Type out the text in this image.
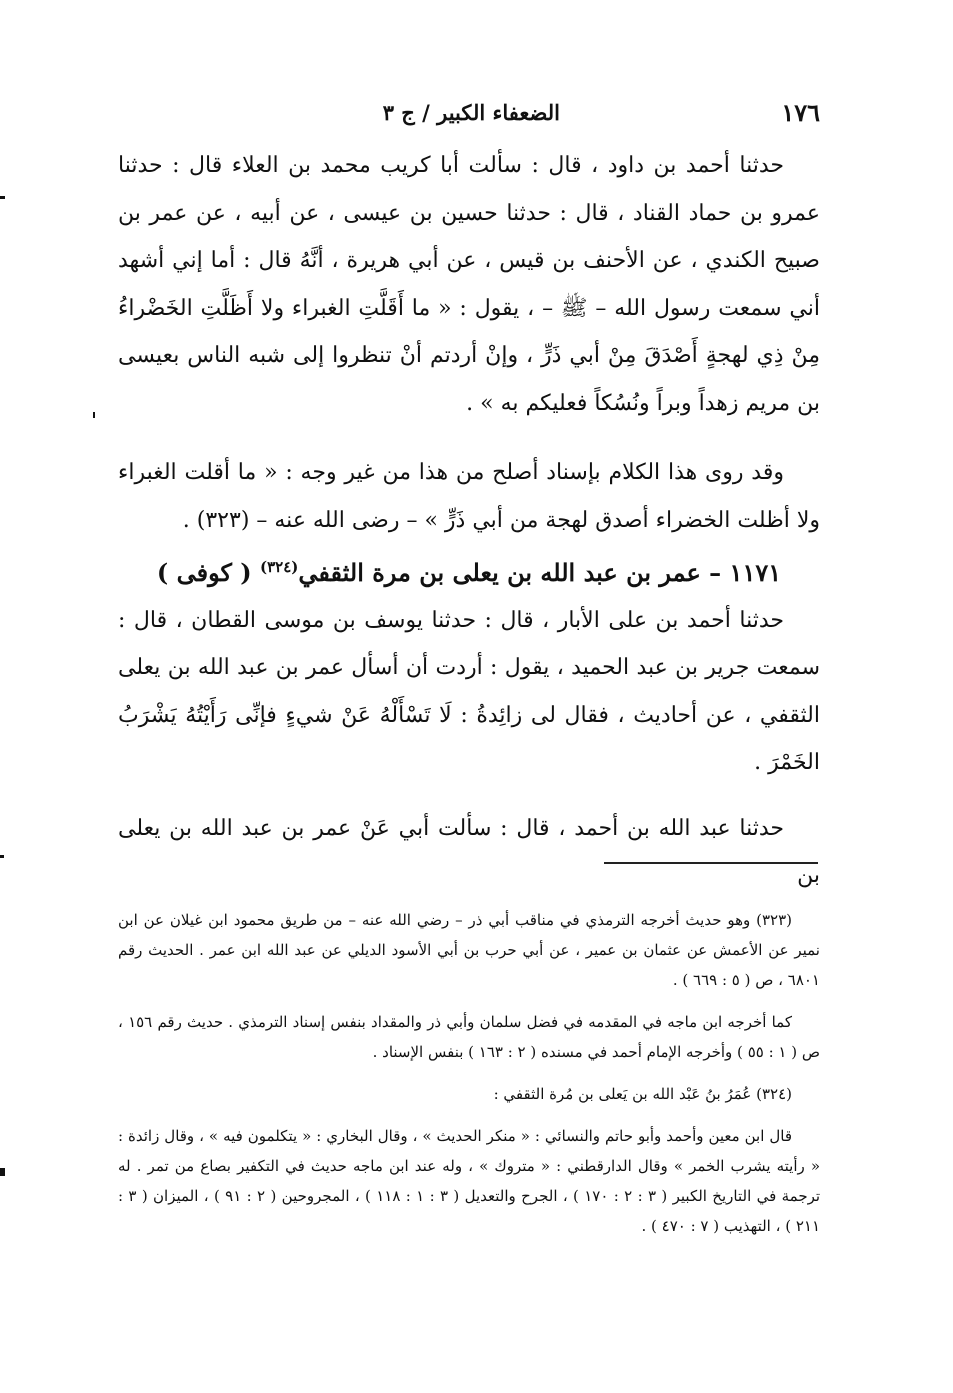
١٧٦
الضعفاء الكبير / ج ٣

حدثنا أحمد بن داود ، قال : سألت أبا كريب محمد بن العلاء قال : حدثنا عمرو بن حماد القناد ، قال : حدثنا حسين بن عيسى ، عن أبيه ، عن عمر بن صبيح الكندي ، عن الأحنف بن قيس ، عن أبي هريرة ، أنَّهُ قال : أما إني أشهد أني سمعت رسول الله – ﷺ – ، يقول : « ما أَقَلَّتِ الغبراء ولا أَظَلَّتِ الخَضْراءُ مِنْ ذِي لهجةٍ أَصْدَقَ مِنْ أبي ذَرٍّ ، وإنْ أردتم أنْ تنظروا إلى شبه الناس بعيسى بن مريم زهداً وبراً ونُسُكاً فعليكم به » .

وقد روى هذا الكلام بإسناد أصلح من هذا من غير وجه : « ما أقلت الغبراء ولا أظلت الخضراء أصدق لهجة من أبي ذَرٍّ » – رضى الله عنه – (٣٢٣) .

١١٧١ – عمر بن عبد الله بن يعلى بن مرة الثقفي$^{(٣٢٤)}$ ( كوفى )

حدثنا أحمد بن على الأبار ، قال : حدثنا يوسف بن موسى القطان ، قال : سمعت جرير بن عبد الحميد ، يقول : أردت أن أسأل عمر بن عبد الله بن يعلى الثقفي ، عن أحاديث ، فقال لى زائِدةُ : لَا تَسْأَلْهُ عَنْ شيءٍ فإنِّى رَأَيْتُهُ يَشْرَبُ الخَمْرَ .

حدثنا عبد الله بن أحمد ، قال : سألت أبي عَنْ عمر بن عبد الله بن يعلى بن

(٣٢٣) وهو حديث أخرجه الترمذي في مناقب أبي ذر – رضي الله عنه – من طريق محمود ابن غيلان عن ابن نمير عن الأعمش عن عثمان بن عمير ، عن أبي حرب بن أبي الأسود الديلي عن عبد الله ابن عمر . الحديث رقم ٦٨٠١ ، ص ( ٥ : ٦٦٩ ) .

كما أخرجه ابن ماجه في المقدمه في فضل سلمان وأبي ذر والمقداد بنفس إسناد الترمذي . حديث رقم ١٥٦ ، ص ( ١ : ٥٥ ) وأخرجه الإمام أحمد في مسنده ( ٢ : ١٦٣ ) بنفس الإسناد .

(٣٢٤) عُمَرُ بنُ عَبْد الله بن يَعلى بن مُرة الثقفي :

قال ابن معين وأحمد وأبو حاتم والنسائي : « منكر الحديث » ، وقال البخاري : « يتكلمون فيه » ، وقال زائدة : « رأيته يشرب الخمر » وقال الدارقطني : « متروك » ، وله عند ابن ماجه حديث في التكفير بصاع من تمر . له ترجمة في التاريخ الكبير ( ٣ : ٢ : ١٧٠ ) ، الجرح والتعديل ( ٣ : ١ : ١١٨ ) ، المجروحين ( ٢ : ٩١ ) ، الميزان ( ٣ : ٢١١ ) ، التهذيب ( ٧ : ٤٧٠ ) .
